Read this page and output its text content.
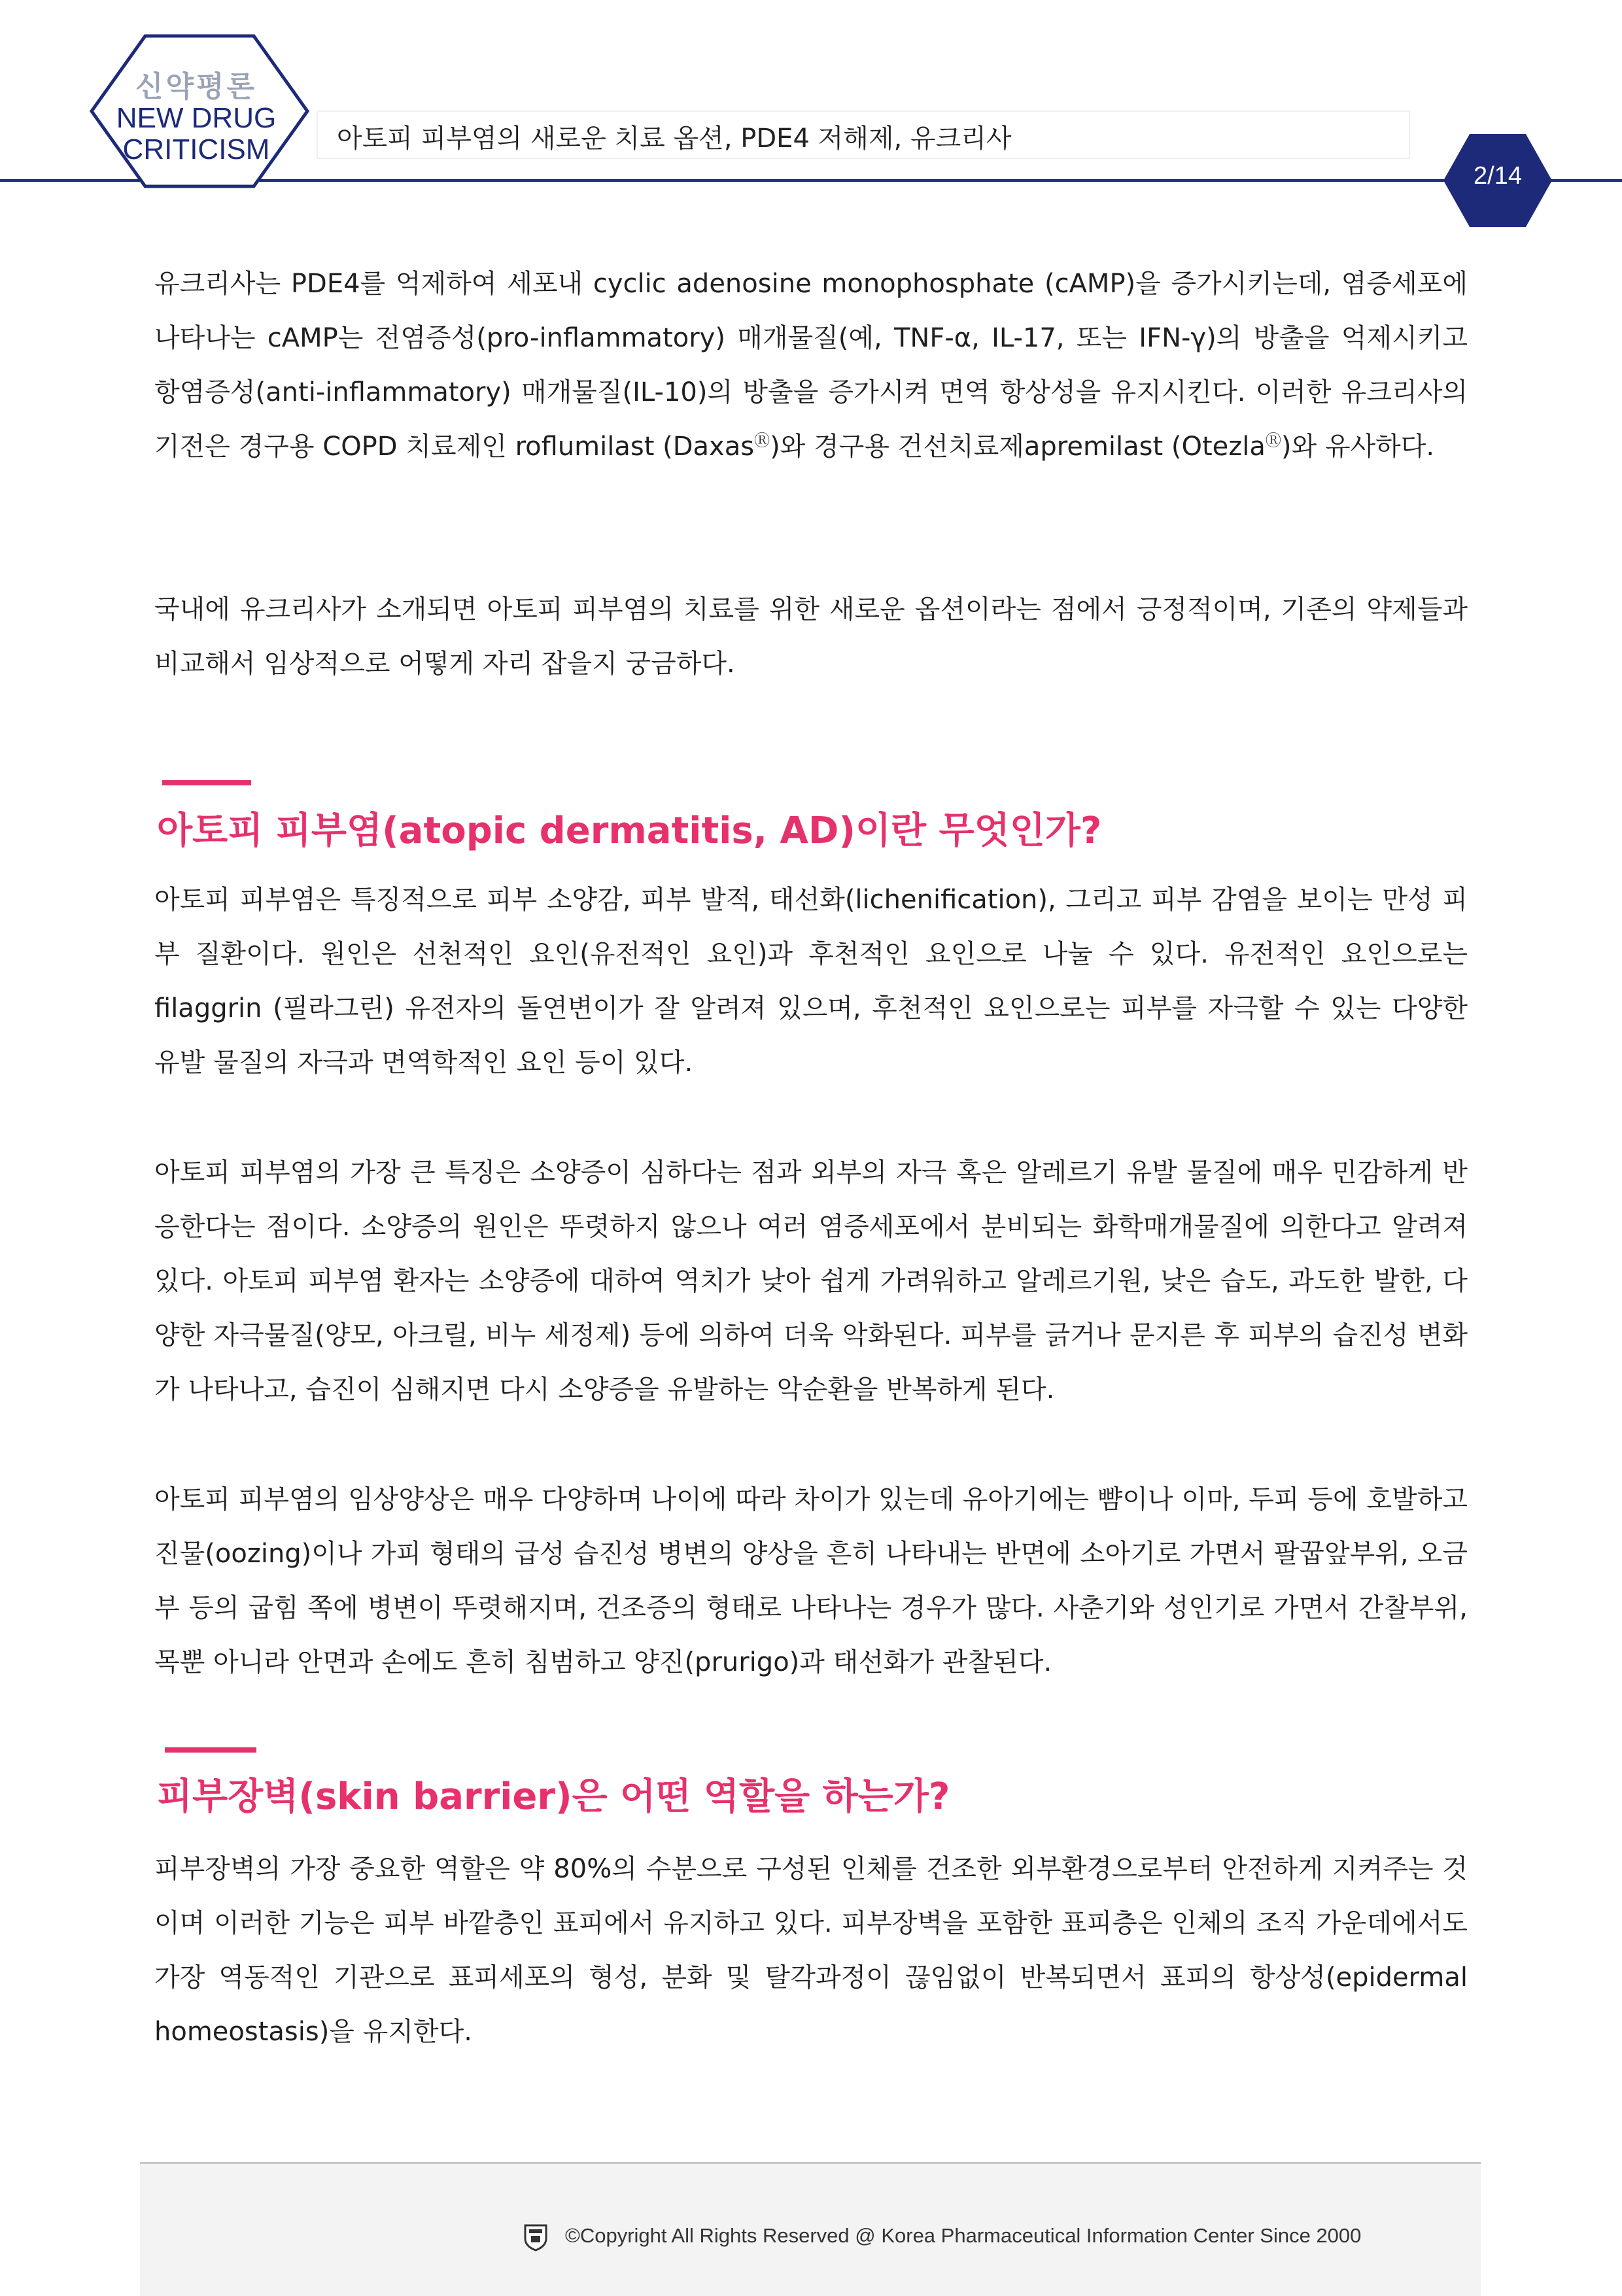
신약평론
NEW DRUG
CRITICISM	아토피 피부염의 새로운 치료 옵션, PDE4 저해제, 유크리사
2/14

유크리사는 PDE4를 억제하여 세포내 cyclic adenosine monophosphate (cAMP)을 증가시키는데, 염증세포에 나타나는 cAMP는 전염증성(pro-inflammatory) 매개물질(예, TNF-α, IL-17, 또는 IFN-γ)의 방출을 억제시키고 항염증성(anti-inflammatory) 매개물질(IL-10)의 방출을 증가시켜 면역 항상성을 유지시킨다. 이러한 유크리사의 기전은 경구용 COPD 치료제인 roflumilast (DaxasⓇ)와 경구용 건선치료제apremilast (OtezlaⓇ)와 유사하다.

국내에 유크리사가 소개되면 아토피 피부염의 치료를 위한 새로운 옵션이라는 점에서 긍정적이며, 기존의 약제들과 비교해서 임상적으로 어떻게 자리 잡을지 궁금하다.

아토피 피부염(atopic dermatitis, AD)이란 무엇인가?

아토피 피부염은 특징적으로 피부 소양감, 피부 발적, 태선화(lichenification), 그리고 피부 감염을 보이는 만성 피부 질환이다. 원인은 선천적인 요인(유전적인 요인)과 후천적인 요인으로 나눌 수 있다. 유전적인 요인으로는 filaggrin (필라그린) 유전자의 돌연변이가 잘 알려져 있으며, 후천적인 요인으로는 피부를 자극할 수 있는 다양한 유발 물질의 자극과 면역학적인 요인 등이 있다.

아토피 피부염의 가장 큰 특징은 소양증이 심하다는 점과 외부의 자극 혹은 알레르기 유발 물질에 매우 민감하게 반응한다는 점이다. 소양증의 원인은 뚜렷하지 않으나 여러 염증세포에서 분비되는 화학매개물질에 의한다고 알려져 있다. 아토피 피부염 환자는 소양증에 대하여 역치가 낮아 쉽게 가려워하고 알레르기원, 낮은 습도, 과도한 발한, 다양한 자극물질(양모, 아크릴, 비누 세정제) 등에 의하여 더욱 악화된다. 피부를 긁거나 문지른 후 피부의 습진성 변화가 나타나고, 습진이 심해지면 다시 소양증을 유발하는 악순환을 반복하게 된다.

아토피 피부염의 임상양상은 매우 다양하며 나이에 따라 차이가 있는데 유아기에는 뺨이나 이마, 두피 등에 호발하고 진물(oozing)이나 가피 형태의 급성 습진성 병변의 양상을 흔히 나타내는 반면에 소아기로 가면서 팔꿉앞부위, 오금부 등의 굽힘 쪽에 병변이 뚜렷해지며, 건조증의 형태로 나타나는 경우가 많다. 사춘기와 성인기로 가면서 간찰부위, 목뿐 아니라 안면과 손에도 흔히 침범하고 양진(prurigo)과 태선화가 관찰된다.

피부장벽(skin barrier)은 어떤 역할을 하는가?

피부장벽의 가장 중요한 역할은 약 80%의 수분으로 구성된 인체를 건조한 외부환경으로부터 안전하게 지켜주는 것이며 이러한 기능은 피부 바깥층인 표피에서 유지하고 있다. 피부장벽을 포함한 표피층은 인체의 조직 가운데에서도 가장 역동적인 기관으로 표피세포의 형성, 분화 및 탈각과정이 끊임없이 반복되면서 표피의 항상성(epidermal homeostasis)을 유지한다.

©Copyright All Rights Reserved @ Korea Pharmaceutical Information Center Since 2000
